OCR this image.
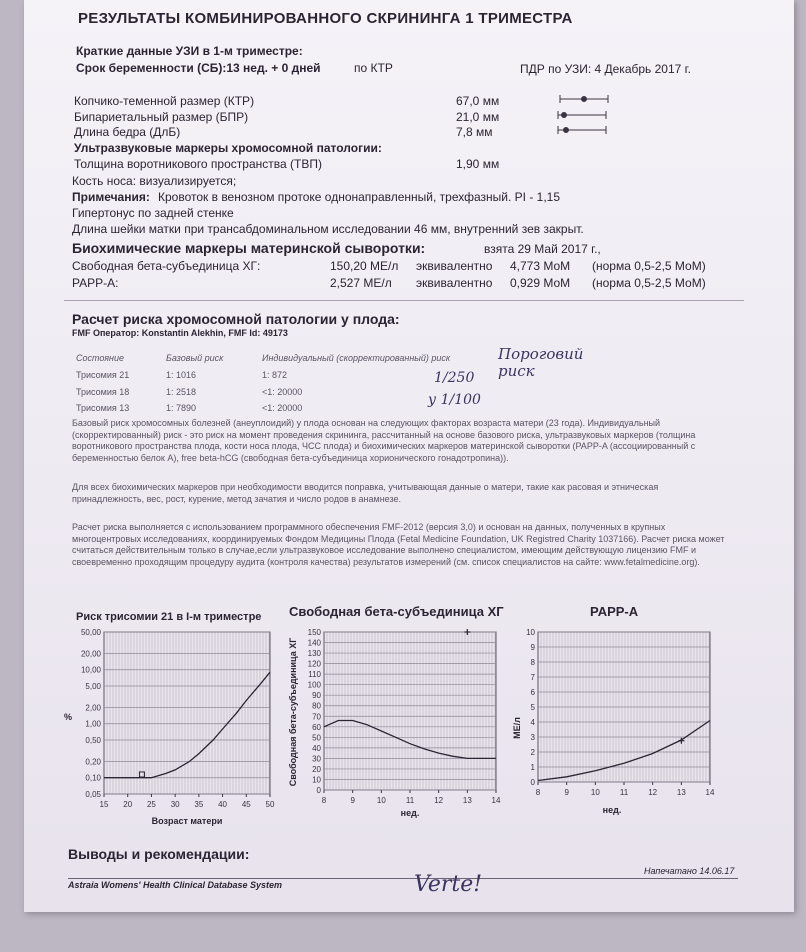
РЕЗУЛЬТАТЫ КОМБИНИРОВАННОГО СКРИНИНГА 1 ТРИМЕСТРА
Краткие данные УЗИ в 1-м триместре:
Срок беременности (СБ):13 нед. + 0 дней	по КТР	ПДР по УЗИ: 4 Декабрь 2017 г.
Копчико-теменной размер (КТР)	67,0 мм
Бипариетальный размер (БПР)	21,0 мм
Длина бедра (ДлБ)	7,8 мм
Ультразвуковые маркеры хромосомной патологии:
Толщина воротникового пространства (ТВП)	1,90 мм
Кость носа: визуализируется;
Примечания: Кровоток в венозном протоке однонаправленный, трехфазный. PI - 1,15
Гипертонус по задней стенке
Длина шейки матки при трансабдоминальном исследовании 46 мм, внутренний зев закрыт.
Биохимические маркеры материнской сыворотки:	взята 29 Май 2017 г.,
Свободная бета-субъединица ХГ:	150,20 МЕ/л эквивалентно 4,773 МоМ (норма 0,5-2,5 МоМ)
PAPP-A:	2,527 МЕ/л эквивалентно 0,929 МоМ (норма 0,5-2,5 МоМ)
Расчет риска хромосомной патологии у плода:
FMF Оператор: Konstantin Alekhin, FMF Id: 49173
Состояние	Базовый риск	Индивидуальный (скорректированный) риск
Трисомия 21	1: 1016	1: 872
Трисомия 18	1: 2518	<1: 20000
Трисомия 13	1: 7890	<1: 20000
Пороговий риск
1/250
у 1/100
Базовый риск хромосомных болезней (анеуплоидий) у плода основан на следующих факторах возраста матери (23 года). Индивидуальный (скорректированный) риск - это риск на момент проведения скрининга, рассчитанный на основе базового риска, ультразвуковых маркеров (толщина воротникового пространства плода, кости носа плода, ЧСС плода) и биохимических маркеров материнской сыворотки (PAPP-A (ассоциированный с беременностью белок A), free beta-hCG (свободная бета-субъединица хорионического гонадотропина)).
Для всех биохимических маркеров при необходимости вводится поправка, учитывающая данные о матери, такие как расовая и этническая принадлежность, вес, рост, курение, метод зачатия и число родов в анамнезе.
Расчет риска выполняется с использованием программного обеспечения FMF-2012 (версия 3,0) и основан на данных, полученных в крупных многоцентровых исследованиях, координируемых Фондом Медицины Плода (Fetal Medicine Foundation, UK Registred Charity 1037166). Расчет риска может считаться действительным только в случае,если ультразвуковое исследование выполнено специалистом, имеющим действующую лицензию FMF и своевременно проходящим процедуру аудита (контроля качества) результатов измерений (см. список специалистов на сайте: www.fetalmedicine.org).
Риск трисомии 21 в I-м триместре Свободная бета-субъединица ХГ	PAPP-A
0,05
0,10
0,20
0,50
1,00
2,00
5,00
10,00
20,00
50,00
15 20 25 30 35 40 45 50
%
Возраст матери
0
10
20
30
40
50
60
70
80
90
100
110
120
130
140
150
8	9	10	11	12 13 14
Свободная бета-субъединица ХГ
нед.
0
1
2
3
4
5
6
7
8
9
10
8	9	10	11	12 13 14
МЕ/л
нед.
Выводы и рекомендации:
Astraia Womens' Health Clinical Database System
Напечатано 14.06.17
Verte!
